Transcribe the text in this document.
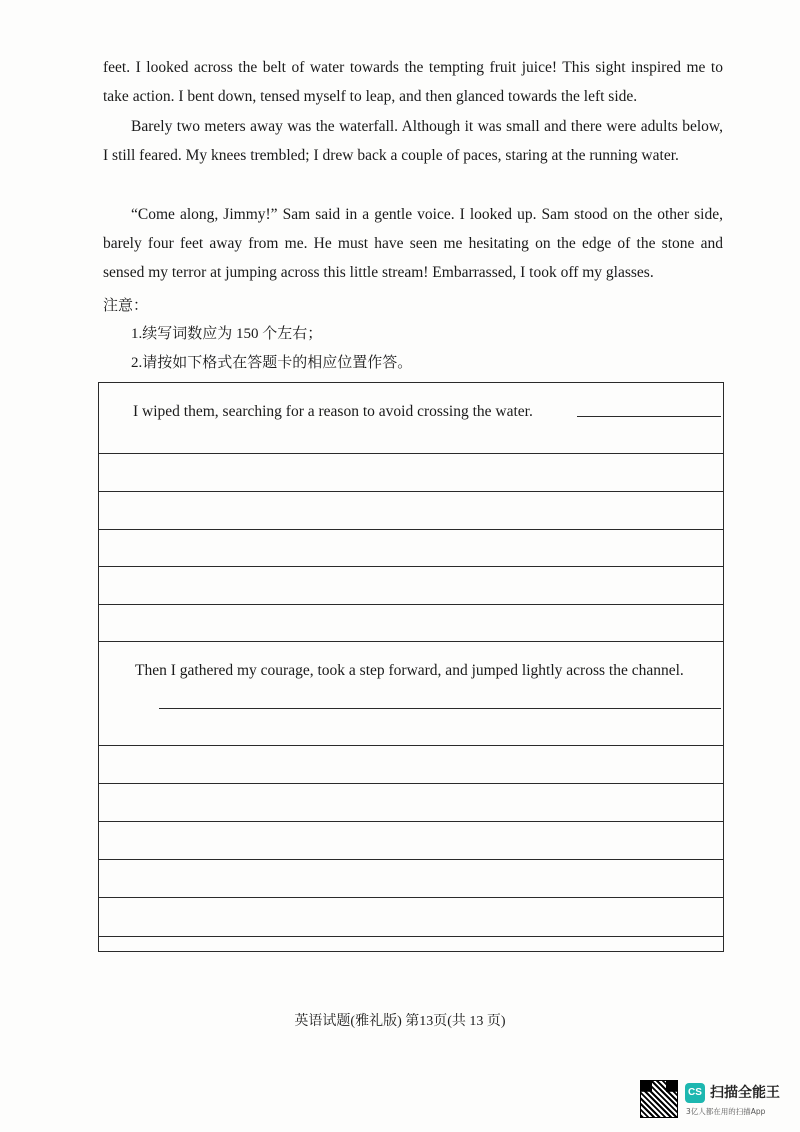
feet. I looked across the belt of water towards the tempting fruit juice! This sight inspired me to take action. I bent down, tensed myself to leap, and then glanced towards the left side.

Barely two meters away was the waterfall. Although it was small and there were adults below, I still feared. My knees trembled; I drew back a couple of paces, staring at the running water.

“Come along, Jimmy!” Sam said in a gentle voice. I looked up. Sam stood on the other side, barely four feet away from me. He must have seen me hesitating on the edge of the stone and sensed my terror at jumping across this little stream! Embarrassed, I took off my glasses.

注意：
1.续写词数应为 150 个左右；
2.请按如下格式在答题卡的相应位置作答。
I wiped them, searching for a reason to avoid crossing the water.
Then I gathered my courage, took a step forward, and jumped lightly across the channel.
英语试题(雅礼版) 第13页(共 13 页)
CS 扫描全能王
3亿人都在用的扫描App
